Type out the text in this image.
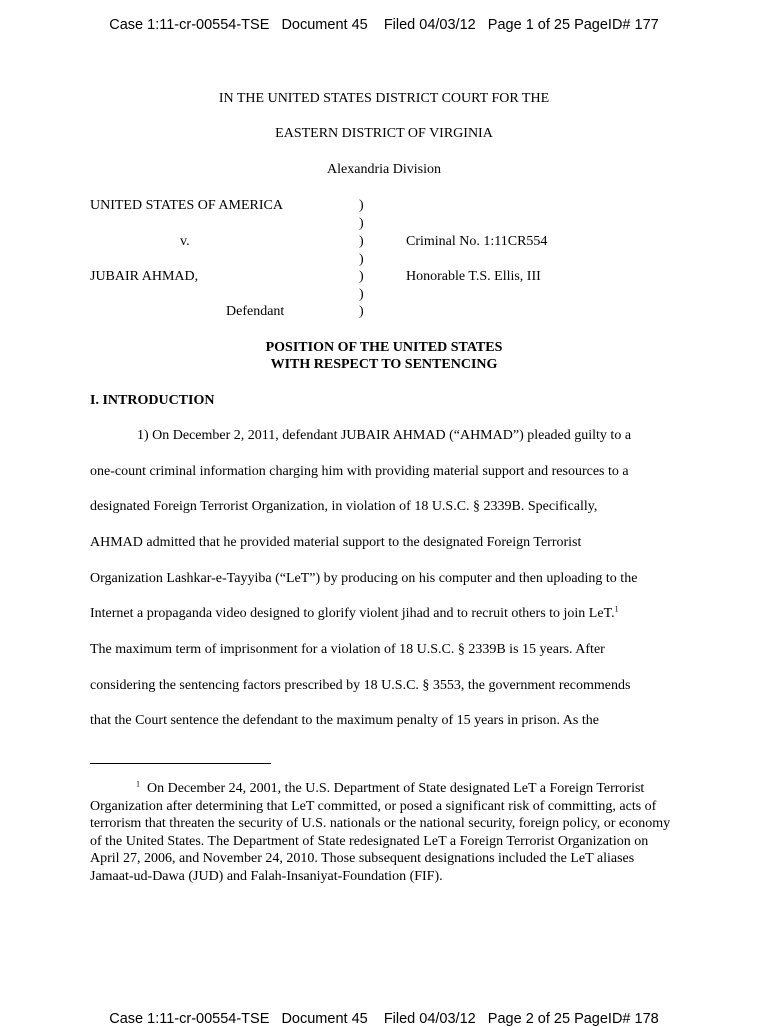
Case 1:11-cr-00554-TSE   Document 45    Filed 04/03/12   Page 1 of 25 PageID# 177
IN THE UNITED STATES DISTRICT COURT FOR THE
EASTERN DISTRICT OF VIRGINIA
Alexandria Division
UNITED STATES OF AMERICA
v.
JUBAIR AHMAD,
Defendant
Criminal No. 1:11CR554
Honorable T.S. Ellis, III
)
)
)
)
)
)
)
POSITION OF THE UNITED STATES
WITH RESPECT TO SENTENCING
I. INTRODUCTION
1) On December 2, 2011, defendant JUBAIR AHMAD (“AHMAD”) pleaded guilty to a
one-count criminal information charging him with providing material support and resources to a
designated Foreign Terrorist Organization, in violation of 18 U.S.C. § 2339B. Specifically,
AHMAD admitted that he provided material support to the designated Foreign Terrorist
Organization Lashkar-e-Tayyiba (“LeT”) by producing on his computer and then uploading to the
Internet a propaganda video designed to glorify violent jihad and to recruit others to join LeT.$^1$
The maximum term of imprisonment for a violation of 18 U.S.C. § 2339B is 15 years. After
considering the sentencing factors prescribed by 18 U.S.C. § 3553, the government recommends
that the Court sentence the defendant to the maximum penalty of 15 years in prison. As the

$^1$ On December 24, 2001, the U.S. Department of State designated LeT a Foreign Terrorist Organization after determining that LeT committed, or posed a significant risk of committing, acts of terrorism that threaten the security of U.S. nationals or the national security, foreign policy, or economy of the United States. The Department of State redesignated LeT a Foreign Terrorist Organization on April 27, 2006, and November 24, 2010. Those subsequent designations included the LeT aliases Jamaat-ud-Dawa (JUD) and Falah-Insaniyat-Foundation (FIF).

Case 1:11-cr-00554-TSE   Document 45    Filed 04/03/12   Page 2 of 25 PageID# 178
